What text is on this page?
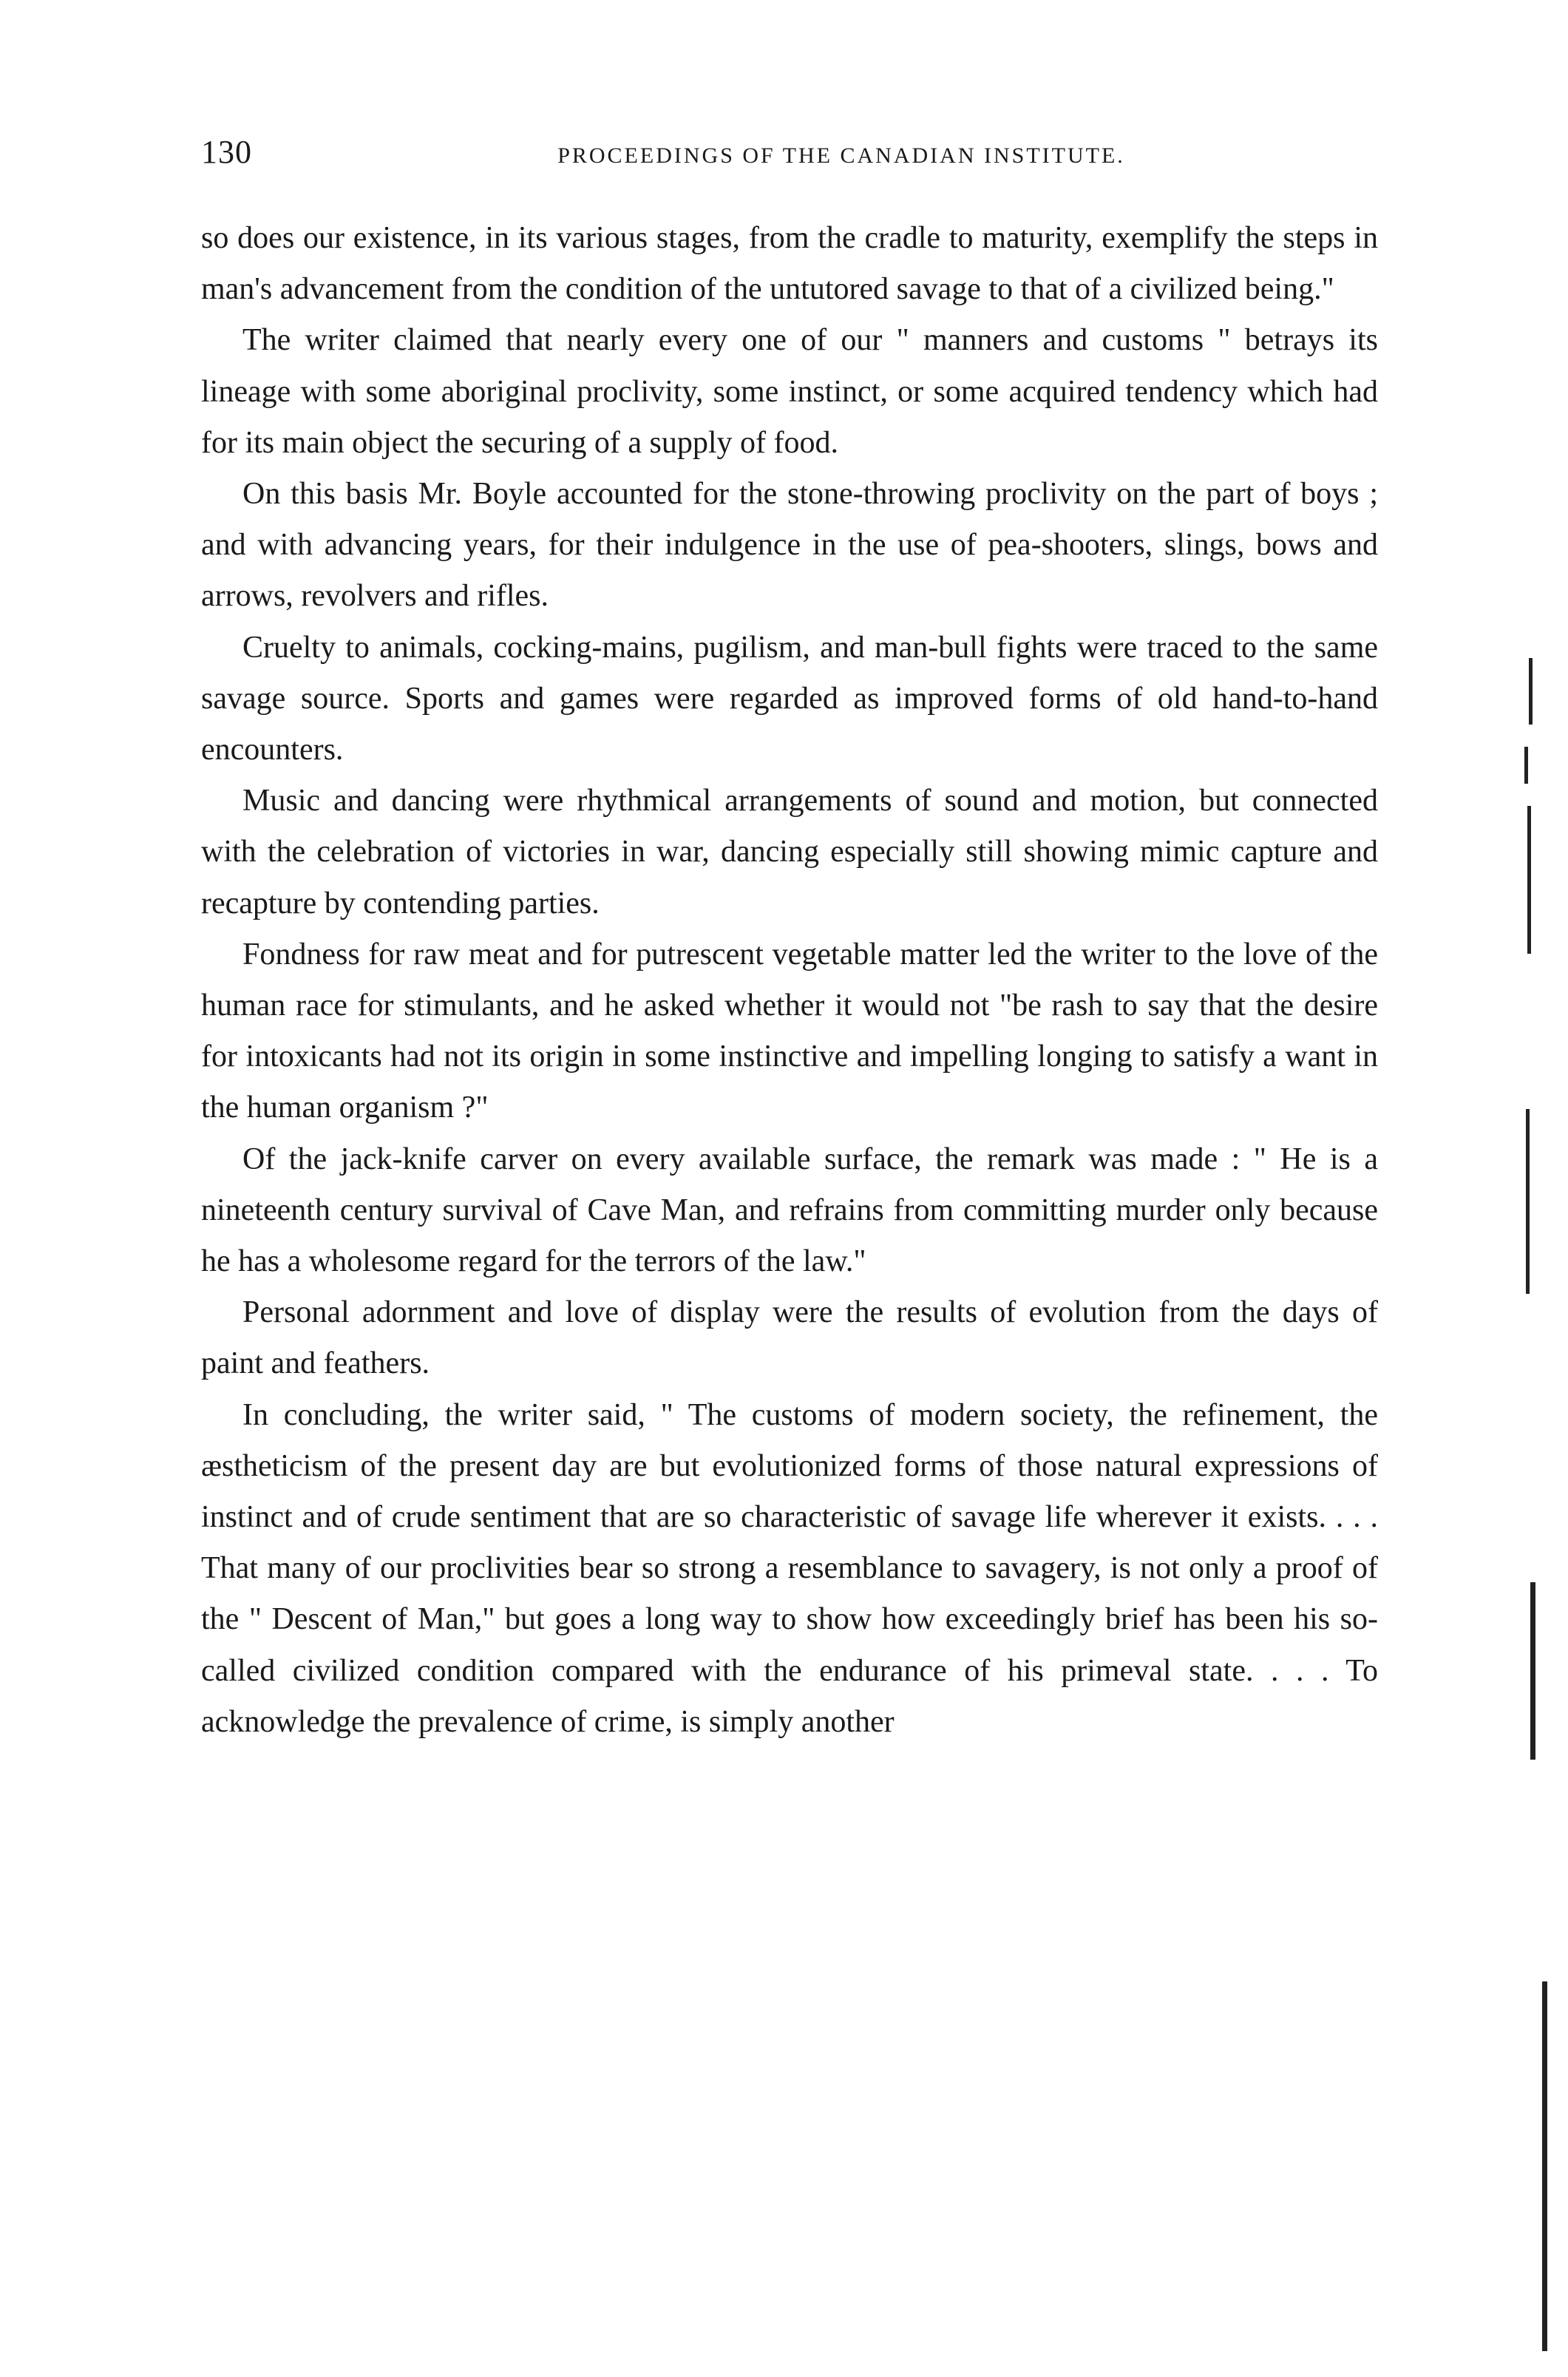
130	PROCEEDINGS OF THE CANADIAN INSTITUTE.

so does our existence, in its various stages, from the cradle to maturity, exemplify the steps in man's advancement from the condition of the untutored savage to that of a civilized being."

The writer claimed that nearly every one of our " manners and customs " betrays its lineage with some aboriginal proclivity, some instinct, or some acquired tendency which had for its main object the securing of a supply of food.

On this basis Mr. Boyle accounted for the stone-throwing proclivity on the part of boys ; and with advancing years, for their indulgence in the use of pea-shooters, slings, bows and arrows, revolvers and rifles.

Cruelty to animals, cocking-mains, pugilism, and man-bull fights were traced to the same savage source. Sports and games were regarded as improved forms of old hand-to-hand encounters.

Music and dancing were rhythmical arrangements of sound and motion, but connected with the celebration of victories in war, dancing especially still showing mimic capture and recapture by contending parties.

Fondness for raw meat and for putrescent vegetable matter led the writer to the love of the human race for stimulants, and he asked whether it would not "be rash to say that the desire for intoxicants had not its origin in some instinctive and impelling longing to satisfy a want in the human organism ?"

Of the jack-knife carver on every available surface, the remark was made : " He is a nineteenth century survival of Cave Man, and refrains from committing murder only because he has a wholesome regard for the terrors of the law."

Personal adornment and love of display were the results of evolution from the days of paint and feathers.

In concluding, the writer said, " The customs of modern society, the refinement, the æstheticism of the present day are but evolutionized forms of those natural expressions of instinct and of crude sentiment that are so characteristic of savage life wherever it exists. . . . That many of our proclivities bear so strong a resemblance to savagery, is not only a proof of the " Descent of Man," but goes a long way to show how exceedingly brief has been his so-called civilized condition compared with the endurance of his primeval state. . . . To acknowledge the prevalence of crime, is simply another
